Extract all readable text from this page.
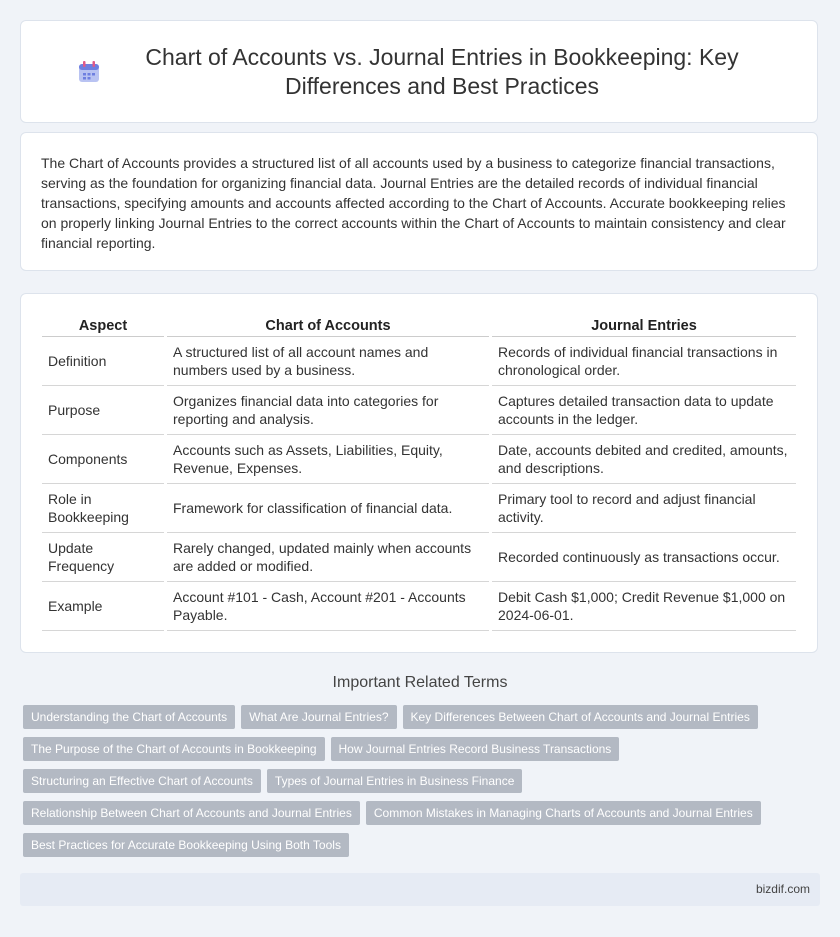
Chart of Accounts vs. Journal Entries in Bookkeeping: Key Differences and Best Practices

The Chart of Accounts provides a structured list of all accounts used by a business to categorize financial transactions, serving as the foundation for organizing financial data. Journal Entries are the detailed records of individual financial transactions, specifying amounts and accounts affected according to the Chart of Accounts. Accurate bookkeeping relies on properly linking Journal Entries to the correct accounts within the Chart of Accounts to maintain consistency and clear financial reporting.

Aspect	Chart of Accounts	Journal Entries
Definition	A structured list of all account names and numbers used by a business.	Records of individual financial transactions in chronological order.
Purpose	Organizes financial data into categories for reporting and analysis.	Captures detailed transaction data to update accounts in the ledger.
Components	Accounts such as Assets, Liabilities, Equity, Revenue, Expenses.	Date, accounts debited and credited, amounts, and descriptions.
Role in Bookkeeping	Framework for classification of financial data.	Primary tool to record and adjust financial activity.
Update Frequency	Rarely changed, updated mainly when accounts are added or modified.	Recorded continuously as transactions occur.
Example	Account #101 - Cash, Account #201 - Accounts Payable.	Debit Cash $1,000; Credit Revenue $1,000 on 2024-06-01.
Important Related Terms
Understanding the Chart of Accounts What Are Journal Entries? Key Differences Between Chart of Accounts and Journal Entries
The Purpose of the Chart of Accounts in Bookkeeping How Journal Entries Record Business Transactions
Structuring an Effective Chart of Accounts Types of Journal Entries in Business Finance
Relationship Between Chart of Accounts and Journal Entries Common Mistakes in Managing Charts of Accounts and Journal Entries
Best Practices for Accurate Bookkeeping Using Both Tools
bizdif.com
